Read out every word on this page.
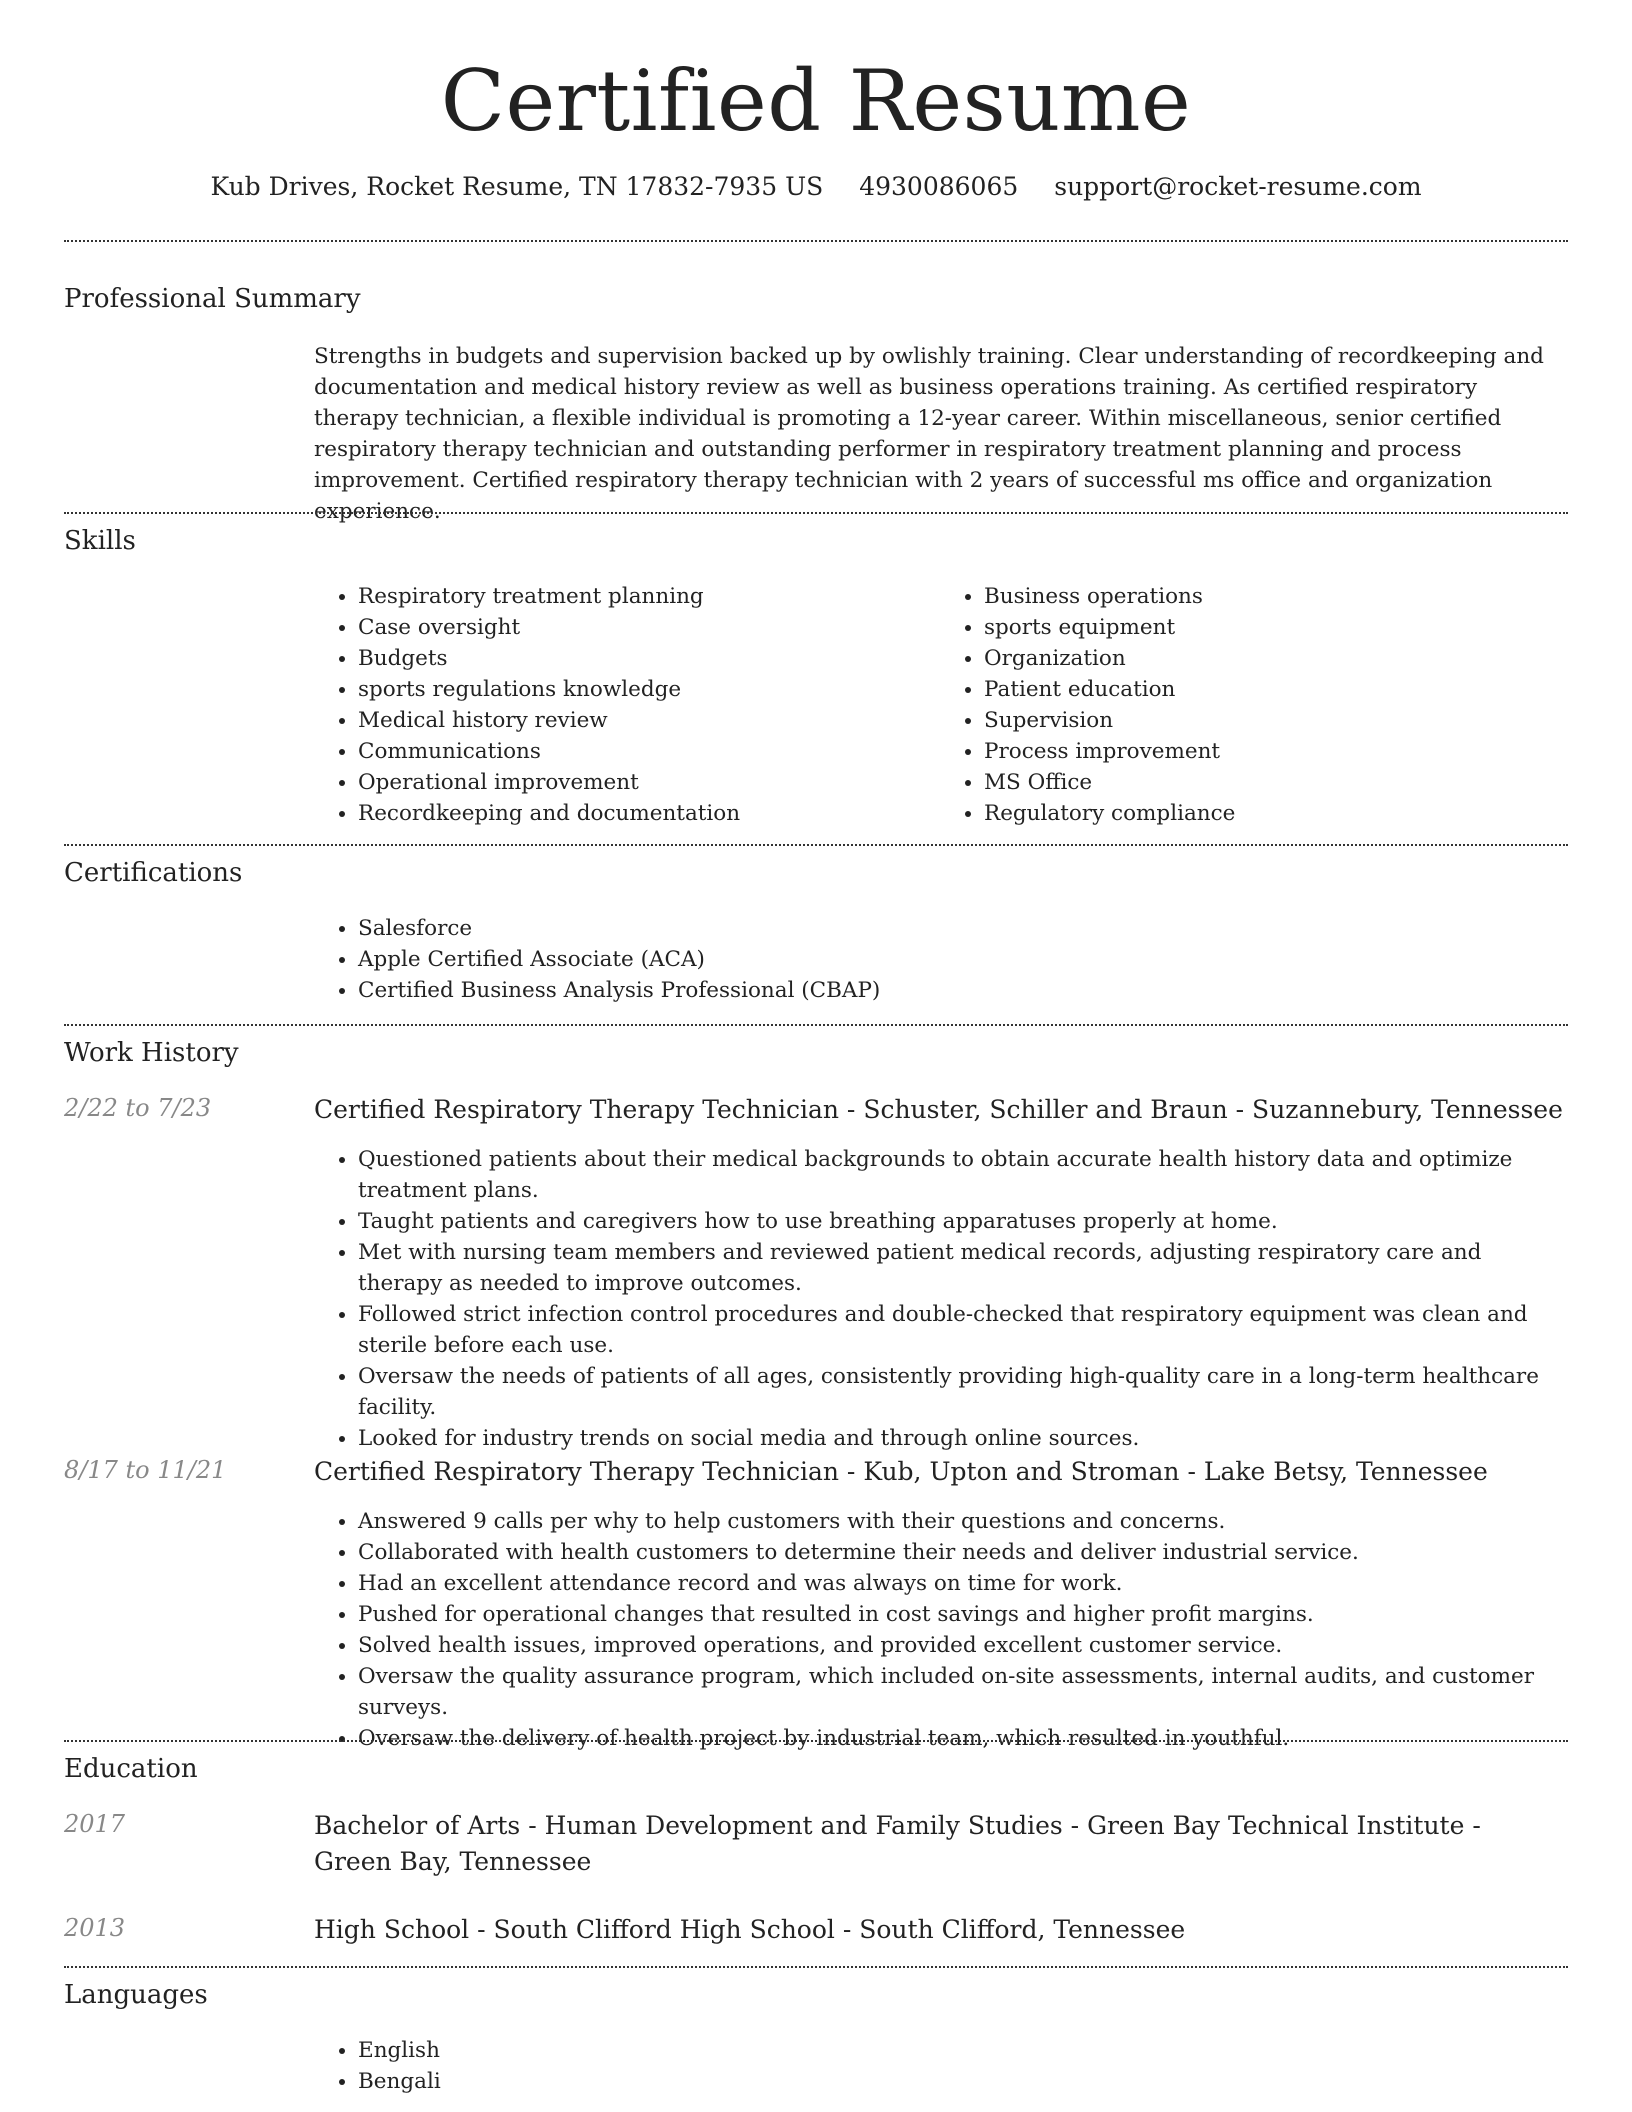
Certified Resume
Kub Drives, Rocket Resume, TN 17832-7935 US 4930086065 support@rocket-resume.com
Professional Summary
Strengths in budgets and supervision backed up by owlishly training. Clear understanding of recordkeeping and documentation and medical history review as well as business operations training. As certified respiratory therapy technician, a flexible individual is promoting a 12-year career. Within miscellaneous, senior certified respiratory therapy technician and outstanding performer in respiratory treatment planning and process improvement. Certified respiratory therapy technician with 2 years of successful ms office and organization experience.
Skills
• Respiratory treatment planning
• Case oversight
• Budgets
• sports regulations knowledge
• Medical history review
• Communications
• Operational improvement
• Recordkeeping and documentation
• Business operations
• sports equipment
• Organization
• Patient education
• Supervision
• Process improvement
• MS Office
• Regulatory compliance
Certifications
• Salesforce
• Apple Certified Associate (ACA)
• Certified Business Analysis Professional (CBAP)
Work History
2/22 to 7/23	Certified Respiratory Therapy Technician - Schuster, Schiller and Braun - Suzannebury, Tennessee
• Questioned patients about their medical backgrounds to obtain accurate health history data and optimize treatment plans.
• Taught patients and caregivers how to use breathing apparatuses properly at home.
• Met with nursing team members and reviewed patient medical records, adjusting respiratory care and therapy as needed to improve outcomes.
• Followed strict infection control procedures and double-checked that respiratory equipment was clean and sterile before each use.
• Oversaw the needs of patients of all ages, consistently providing high-quality care in a long-term healthcare facility.
• Looked for industry trends on social media and through online sources.
8/17 to 11/21	Certified Respiratory Therapy Technician - Kub, Upton and Stroman - Lake Betsy, Tennessee
• Answered 9 calls per why to help customers with their questions and concerns.
• Collaborated with health customers to determine their needs and deliver industrial service.
• Had an excellent attendance record and was always on time for work.
• Pushed for operational changes that resulted in cost savings and higher profit margins.
• Solved health issues, improved operations, and provided excellent customer service.
• Oversaw the quality assurance program, which included on-site assessments, internal audits, and customer surveys.
• Oversaw the delivery of health project by industrial team, which resulted in youthful.
Education
2017	Bachelor of Arts - Human Development and Family Studies - Green Bay Technical Institute - Green Bay, Tennessee
2013	High School - South Clifford High School - South Clifford, Tennessee
Languages
• English
• Bengali
